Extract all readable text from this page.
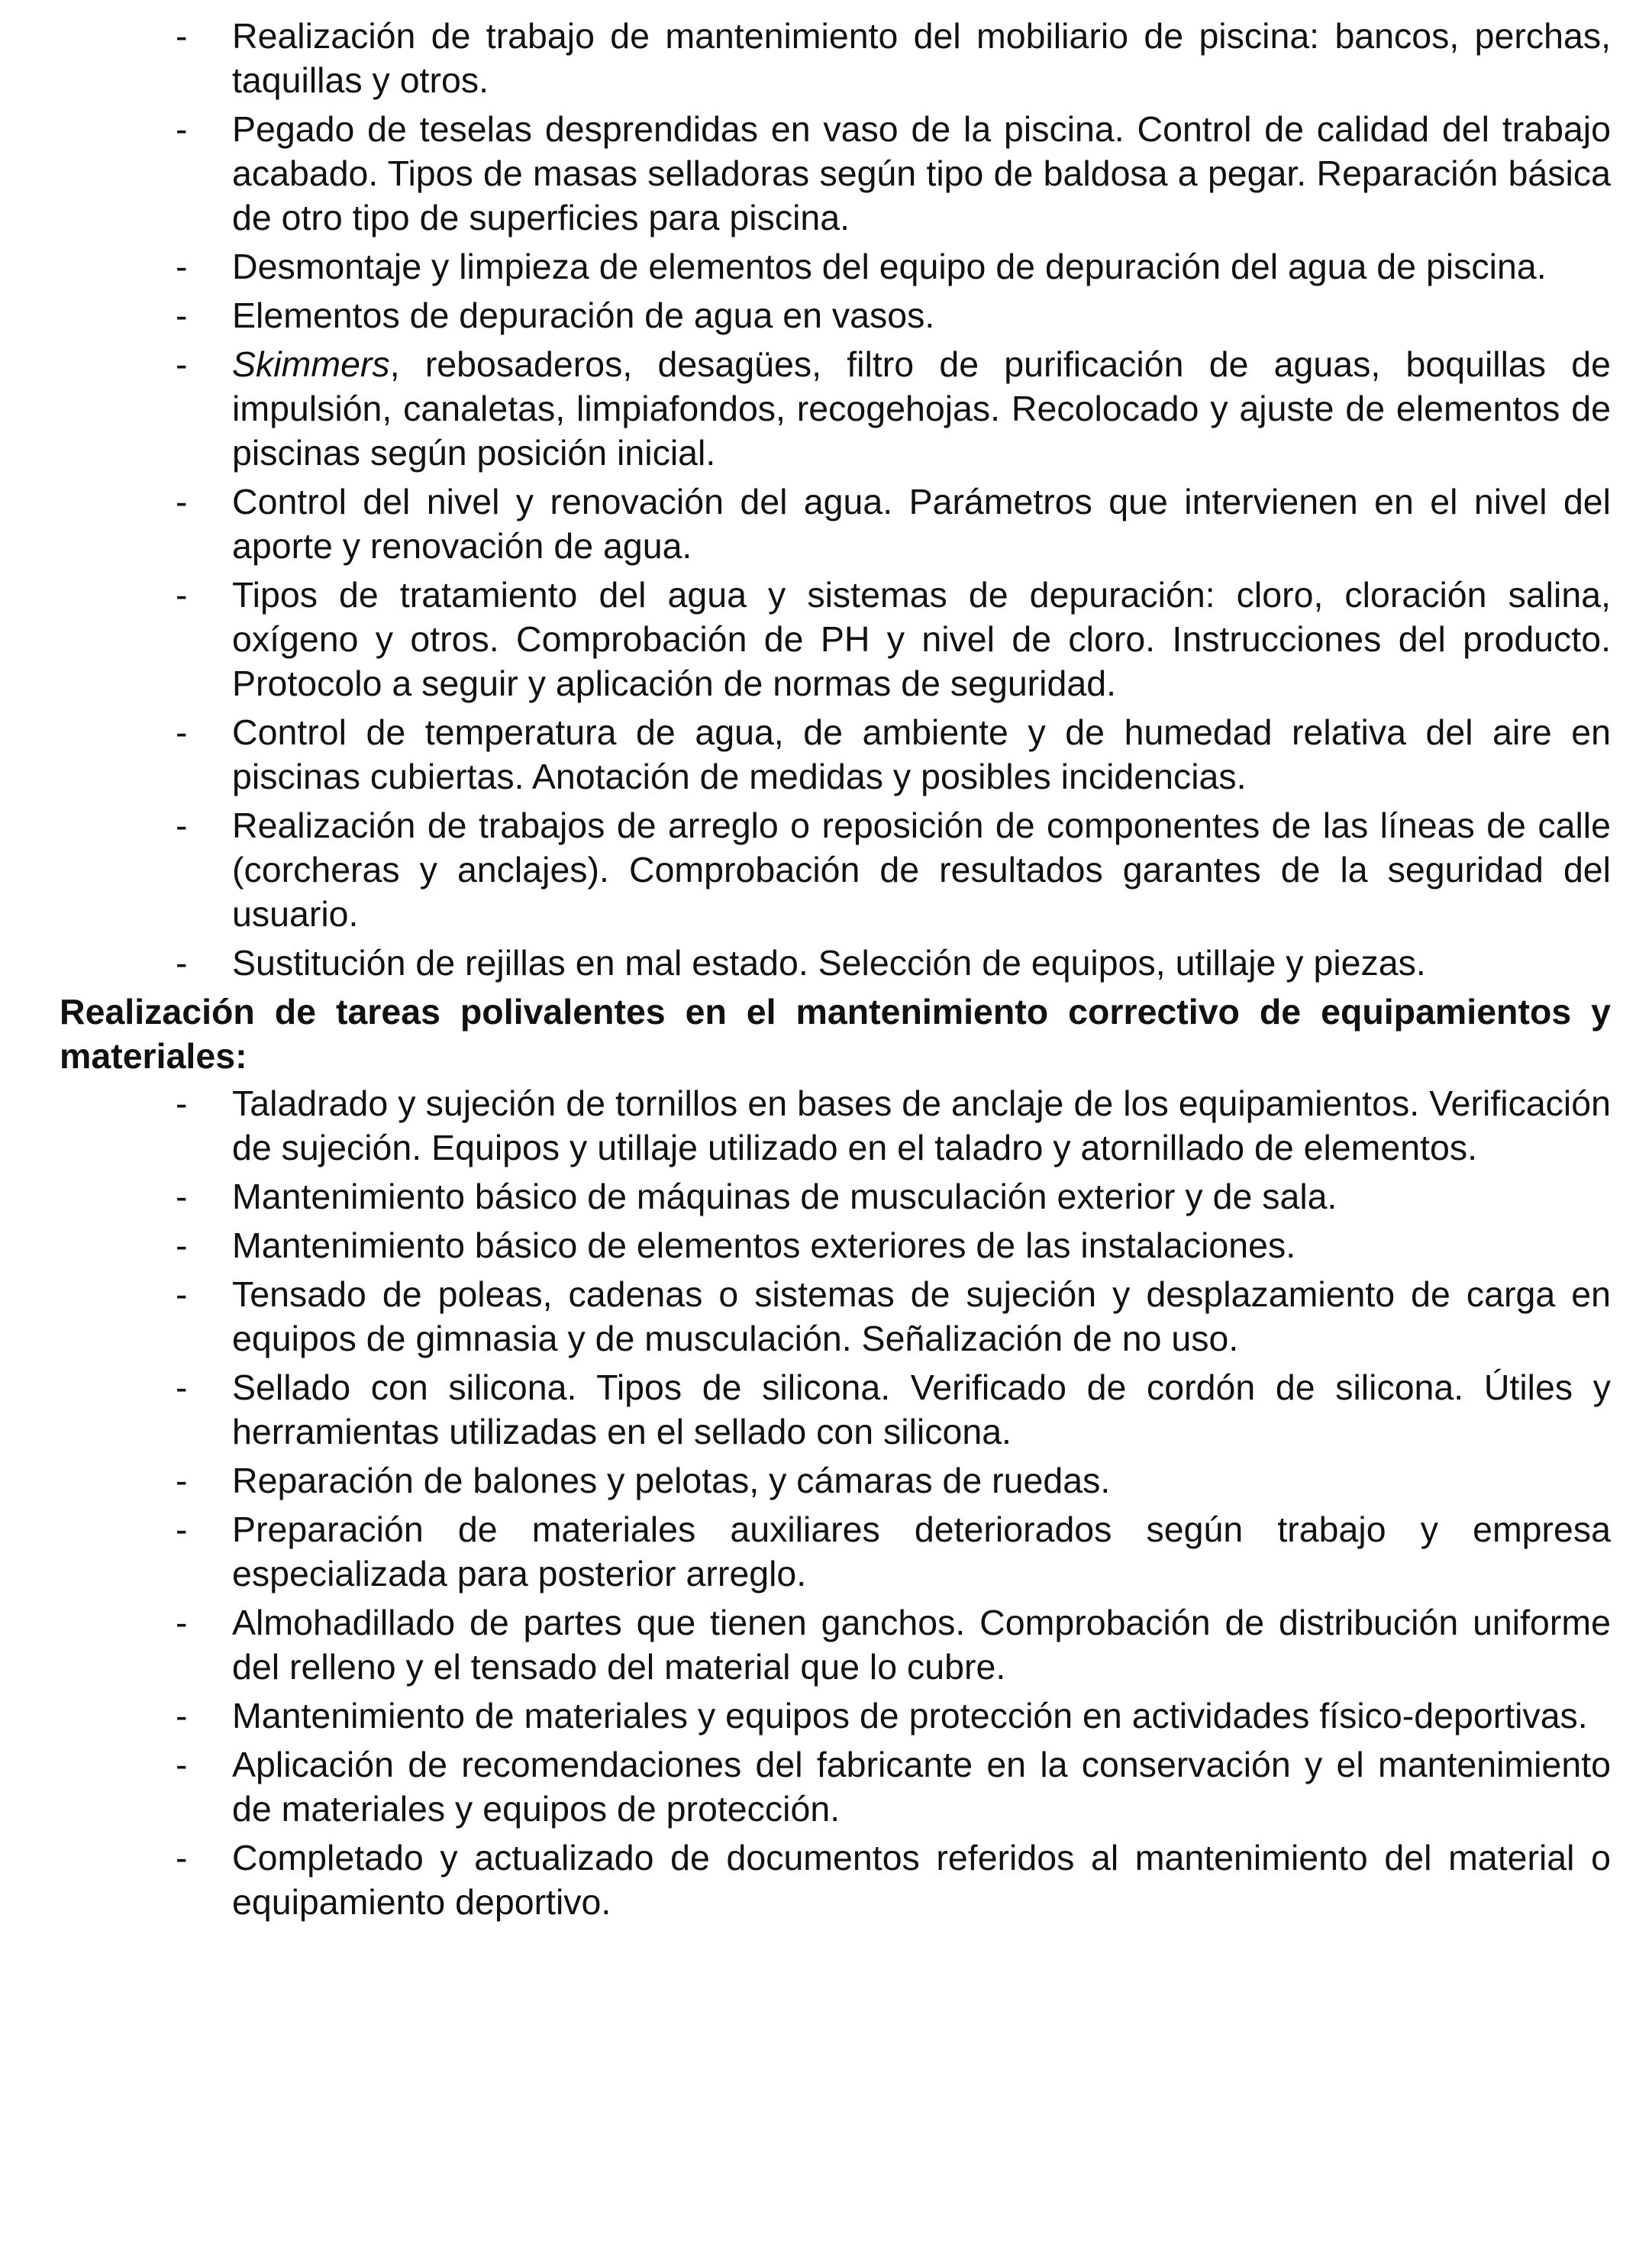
- Realización de trabajo de mantenimiento del mobiliario de piscina: bancos, perchas, taquillas y otros.
- Pegado de teselas desprendidas en vaso de la piscina. Control de calidad del trabajo acabado. Tipos de masas selladoras según tipo de baldosa a pegar. Reparación básica de otro tipo de superficies para piscina.
- Desmontaje y limpieza de elementos del equipo de depuración del agua de piscina.
- Elementos de depuración de agua en vasos.
- Skimmers, rebosaderos, desagües, filtro de purificación de aguas, boquillas de impulsión, canaletas, limpiafondos, recogehojas. Recolocado y ajuste de elementos de piscinas según posición inicial.
- Control del nivel y renovación del agua. Parámetros que intervienen en el nivel del aporte y renovación de agua.
- Tipos de tratamiento del agua y sistemas de depuración: cloro, cloración salina, oxígeno y otros. Comprobación de PH y nivel de cloro. Instrucciones del producto. Protocolo a seguir y aplicación de normas de seguridad.
- Control de temperatura de agua, de ambiente y de humedad relativa del aire en piscinas cubiertas. Anotación de medidas y posibles incidencias.
- Realización de trabajos de arreglo o reposición de componentes de las líneas de calle (corcheras y anclajes). Comprobación de resultados garantes de la seguridad del usuario.
- Sustitución de rejillas en mal estado. Selección de equipos, utillaje y piezas.
Realización de tareas polivalentes en el mantenimiento correctivo de equipamientos y materiales:
- Taladrado y sujeción de tornillos en bases de anclaje de los equipamientos. Verificación de sujeción. Equipos y utillaje utilizado en el taladro y atornillado de elementos.
- Mantenimiento básico de máquinas de musculación exterior y de sala.
- Mantenimiento básico de elementos exteriores de las instalaciones.
- Tensado de poleas, cadenas o sistemas de sujeción y desplazamiento de carga en equipos de gimnasia y de musculación. Señalización de no uso.
- Sellado con silicona. Tipos de silicona. Verificado de cordón de silicona. Útiles y herramientas utilizadas en el sellado con silicona.
- Reparación de balones y pelotas, y cámaras de ruedas.
- Preparación de materiales auxiliares deteriorados según trabajo y empresa especializada para posterior arreglo.
- Almohadillado de partes que tienen ganchos. Comprobación de distribución uniforme del relleno y el tensado del material que lo cubre.
- Mantenimiento de materiales y equipos de protección en actividades físico-deportivas.
- Aplicación de recomendaciones del fabricante en la conservación y el mantenimiento de materiales y equipos de protección.
- Completado y actualizado de documentos referidos al mantenimiento del material o equipamiento deportivo.
